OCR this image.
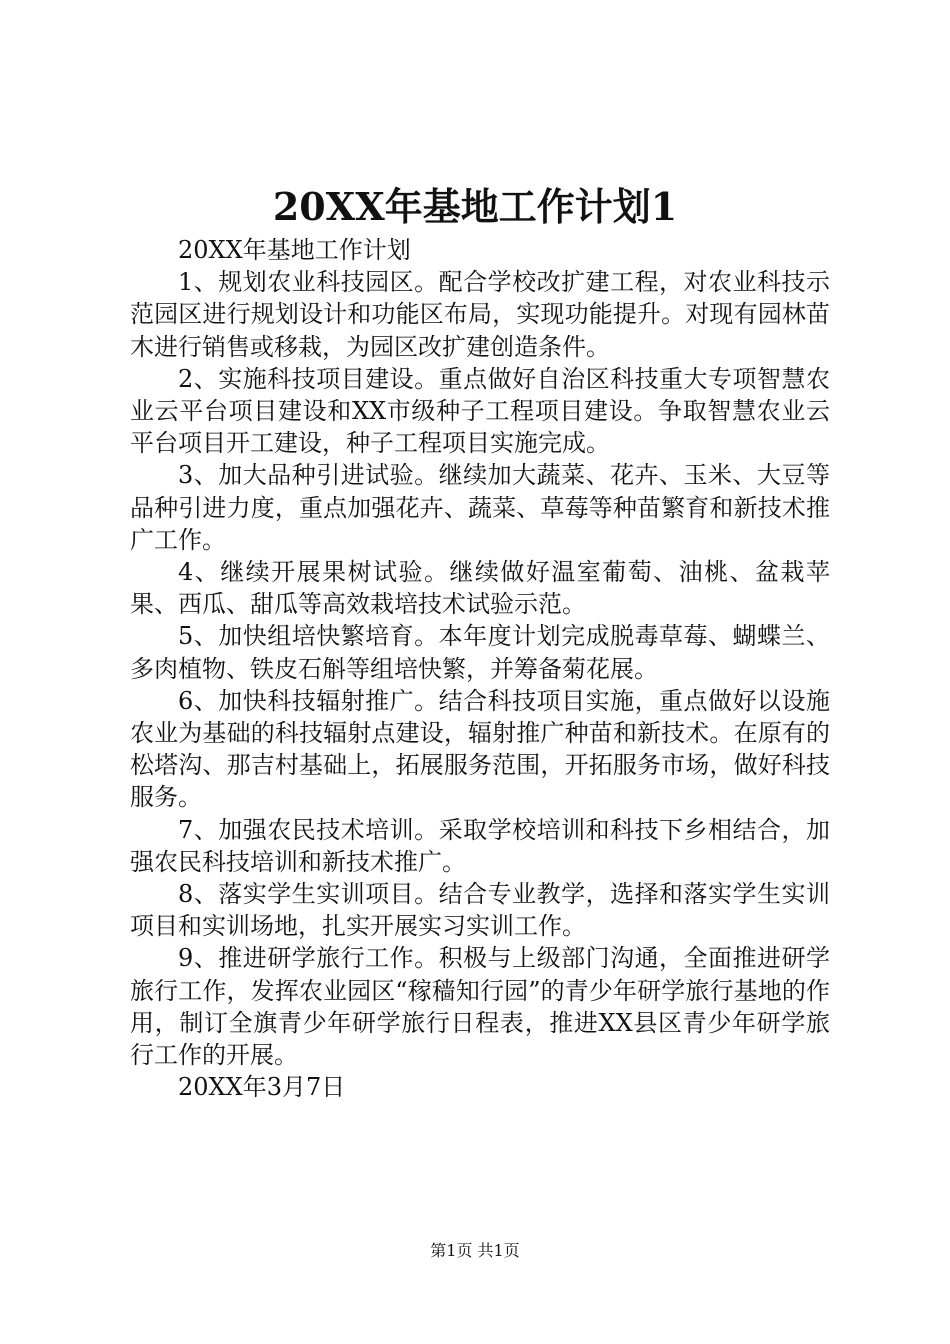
20XX年基地工作计划1

20XX年基地工作计划

1、规划农业科技园区。配合学校改扩建工程，对农业科技示范园区进行规划设计和功能区布局，实现功能提升。对现有园林苗木进行销售或移栽，为园区改扩建创造条件。

2、实施科技项目建设。重点做好自治区科技重大专项智慧农业云平台项目建设和XX市级种子工程项目建设。争取智慧农业云平台项目开工建设，种子工程项目实施完成。

3、加大品种引进试验。继续加大蔬菜、花卉、玉米、大豆等品种引进力度，重点加强花卉、蔬菜、草莓等种苗繁育和新技术推广工作。

4、继续开展果树试验。继续做好温室葡萄、油桃、盆栽苹果、西瓜、甜瓜等高效栽培技术试验示范。

5、加快组培快繁培育。本年度计划完成脱毒草莓、蝴蝶兰、多肉植物、铁皮石斛等组培快繁，并筹备菊花展。

6、加快科技辐射推广。结合科技项目实施，重点做好以设施农业为基础的科技辐射点建设，辐射推广种苗和新技术。在原有的松塔沟、那吉村基础上，拓展服务范围，开拓服务市场，做好科技服务。

7、加强农民技术培训。采取学校培训和科技下乡相结合，加强农民科技培训和新技术推广。

8、落实学生实训项目。结合专业教学，选择和落实学生实训项目和实训场地，扎实开展实习实训工作。

9、推进研学旅行工作。积极与上级部门沟通，全面推进研学旅行工作，发挥农业园区“稼穑知行园”的青少年研学旅行基地的作用，制订全旗青少年研学旅行日程表，推进XX县区青少年研学旅行工作的开展。

20XX年3月7日

第1页 共1页
